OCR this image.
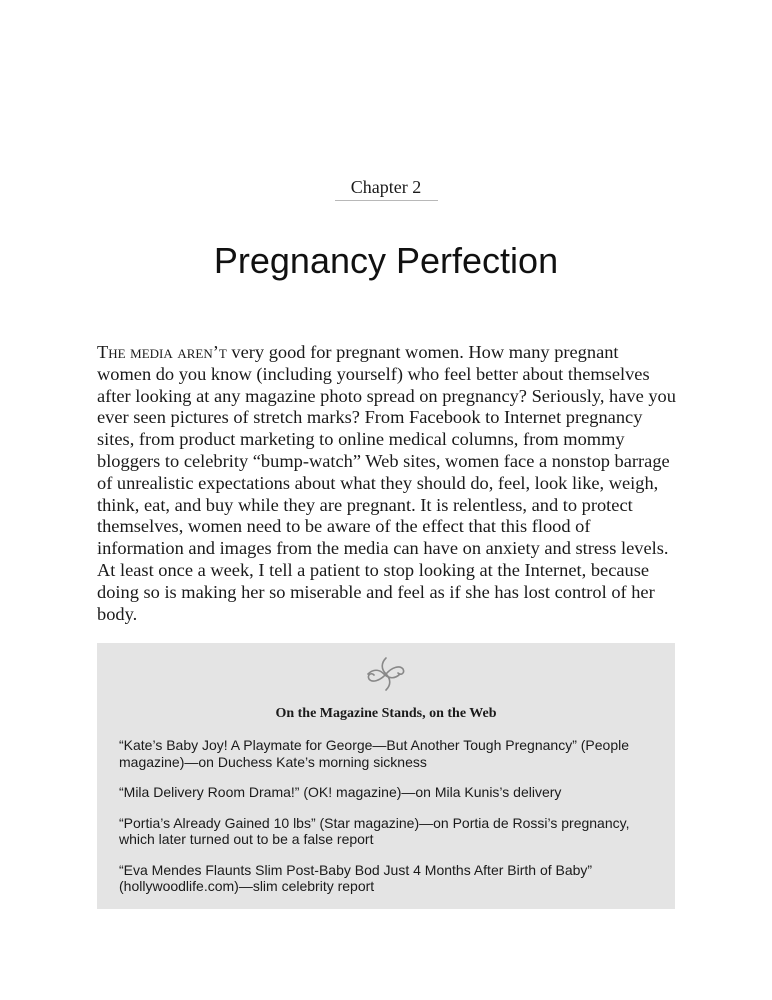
Chapter 2
Pregnancy Perfection

The media aren’t very good for pregnant women. How many pregnant women do you know (including yourself) who feel better about themselves after looking at any magazine photo spread on pregnancy? Seriously, have you ever seen pictures of stretch marks? From Facebook to Internet pregnancy sites, from product marketing to online medical columns, from mommy bloggers to celebrity “bump-watch” Web sites, women face a nonstop barrage of unrealistic expectations about what they should do, feel, look like, weigh, think, eat, and buy while they are pregnant. It is relentless, and to protect themselves, women need to be aware of the effect that this flood of information and images from the media can have on anxiety and stress levels. At least once a week, I tell a patient to stop looking at the Internet, because doing so is making her so miserable and feel as if she has lost control of her body.

On the Magazine Stands, on the Web
“Kate’s Baby Joy! A Playmate for George—But Another Tough Pregnancy” (People magazine)—on Duchess Kate’s morning sickness
“Mila Delivery Room Drama!” (OK! magazine)—on Mila Kunis’s delivery
“Portia’s Already Gained 10 lbs” (Star magazine)—on Portia de Rossi’s pregnancy, which later turned out to be a false report
“Eva Mendes Flaunts Slim Post-Baby Bod Just 4 Months After Birth of Baby” (hollywoodlife.com)—slim celebrity report
